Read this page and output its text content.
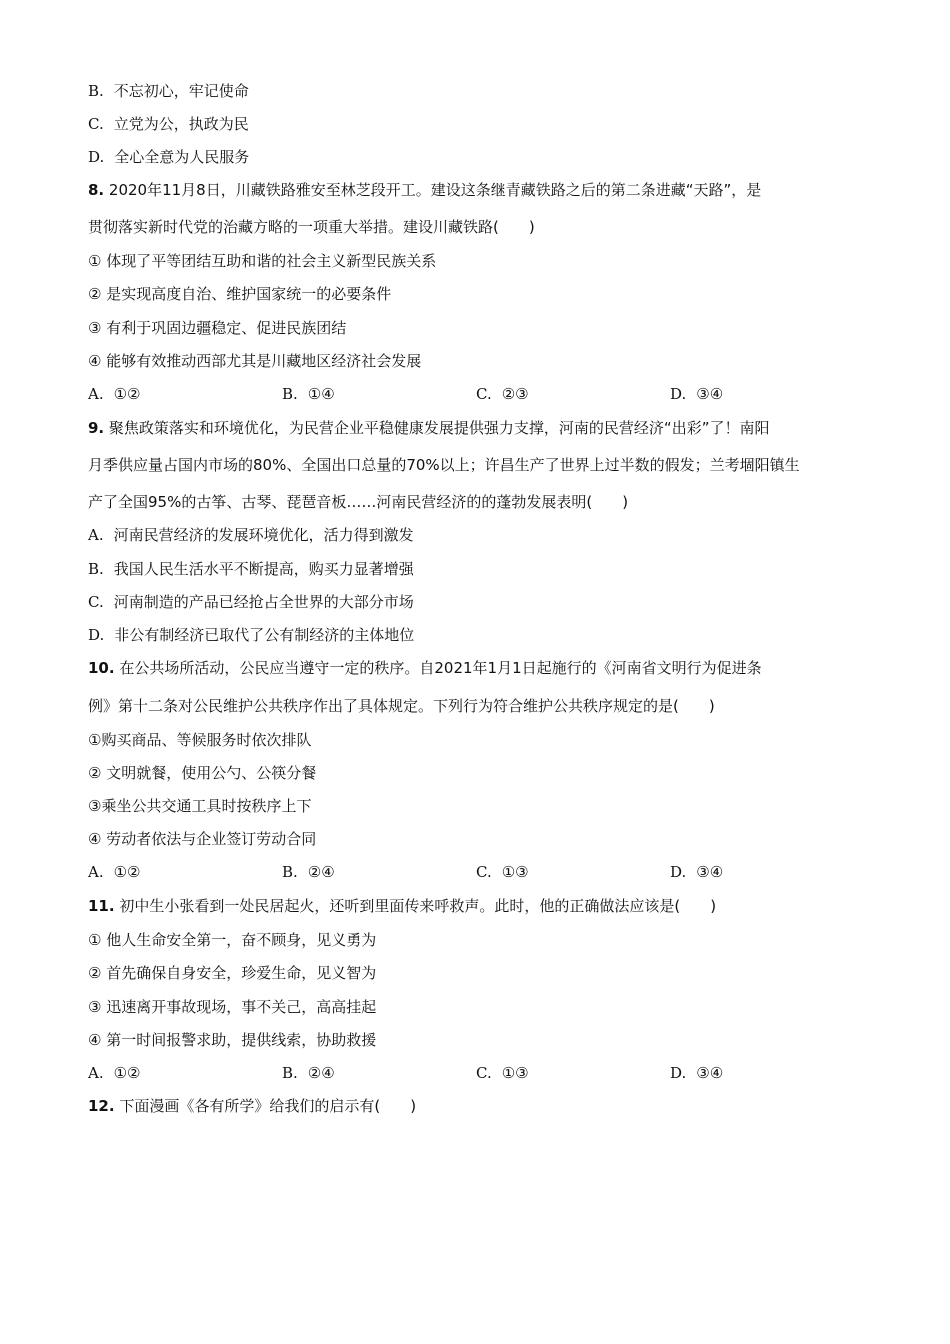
B. 不忘初心，牢记使命
C. 立党为公，执政为民
D. 全心全意为人民服务
8. 2020年11月8日，川藏铁路雅安至林芝段开工。建设这条继青藏铁路之后的第二条进藏“天路”，是
贯彻落实新时代党的治藏方略的一项重大举措。建设川藏铁路(　　)
① 体现了平等团结互助和谐的社会主义新型民族关系
② 是实现高度自治、维护国家统一的必要条件
③ 有利于巩固边疆稳定、促进民族团结
④ 能够有效推动西部尤其是川藏地区经济社会发展
A. ①②	B. ①④	C. ②③	D. ③④
9. 聚焦政策落实和环境优化，为民营企业平稳健康发展提供强力支撑，河南的民营经济“出彩”了！南阳
月季供应量占国内市场的80%、全国出口总量的70%以上；许昌生产了世界上过半数的假发；兰考堌阳镇生
产了全国95%的古筝、古琴、琵琶音板……河南民营经济的的蓬勃发展表明(　　)
A. 河南民营经济的发展环境优化，活力得到激发
B. 我国人民生活水平不断提高，购买力显著增强
C. 河南制造的产品已经抢占全世界的大部分市场
D. 非公有制经济已取代了公有制经济的主体地位
10. 在公共场所活动，公民应当遵守一定的秩序。自2021年1月1日起施行的《河南省文明行为促进条
例》第十二条对公民维护公共秩序作出了具体规定。下列行为符合维护公共秩序规定的是(　　)
①购买商品、等候服务时依次排队
② 文明就餐，使用公勺、公筷分餐
③乘坐公共交通工具时按秩序上下
④ 劳动者依法与企业签订劳动合同
A. ①②	B. ②④	C. ①③	D. ③④
11. 初中生小张看到一处民居起火，还听到里面传来呼救声。此时，他的正确做法应该是(　　)
① 他人生命安全第一，奋不顾身，见义勇为
② 首先确保自身安全，珍爱生命，见义智为
③ 迅速离开事故现场，事不关己，高高挂起
④ 第一时间报警求助，提供线索，协助救援
A. ①②	B. ②④	C. ①③	D. ③④
12. 下面漫画《各有所学》给我们的启示有(　　)
